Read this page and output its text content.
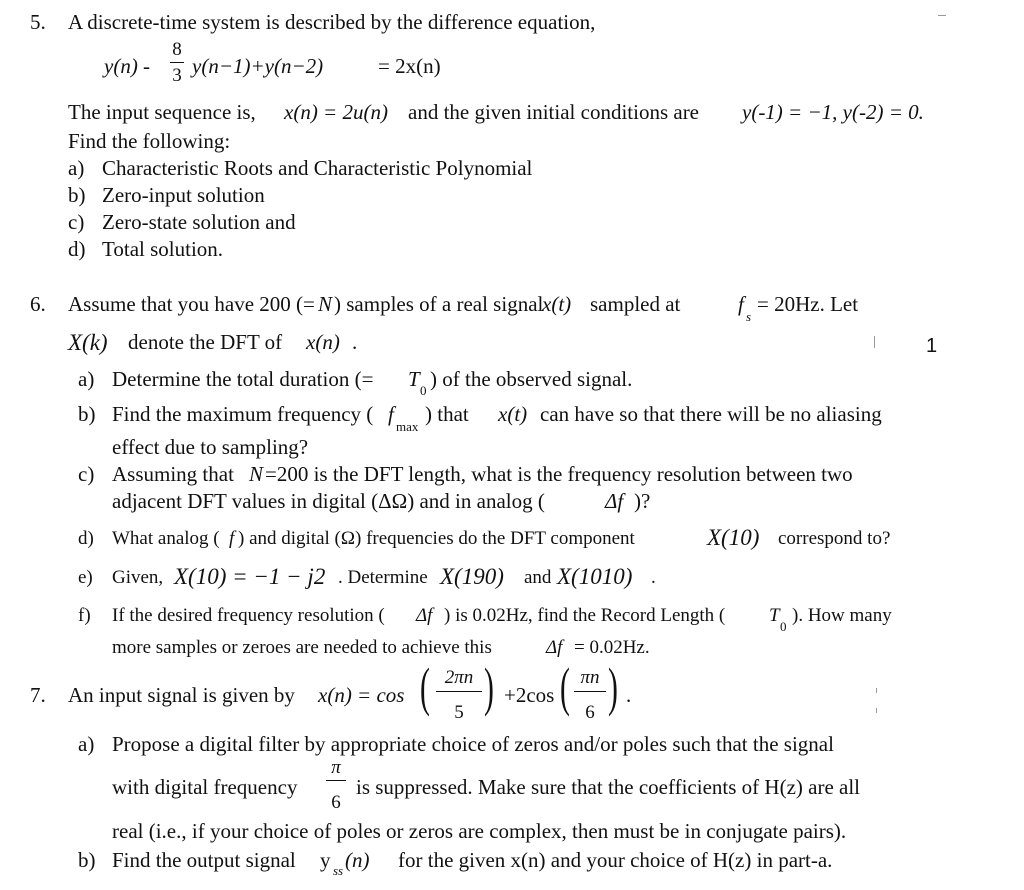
5. A discrete-time system is described by the difference equation,
y(n) -
8
3 y(n−1)+y(n−2)	= 2x(n)
The input sequence is, x(n) = 2u(n) and the given initial conditions are y(-1) = −1, y(-2) = 0.
Find the following:
a) Characteristic Roots and Characteristic Polynomial
b) Zero-input solution
c) Zero-state solution and
d) Total solution.
6. Assume that you have 200 (= N ) samples of a real signal
x(t) sampled at	f
s
= 20Hz. Let
X(k) denote the DFT of x(n) .	1
a) Determine the total duration (= T 0 ) of the observed signal.
b) Find the maximum frequency ( f
max
) that x(t) can have so that there will be no aliasing
effect due to sampling?
c) Assuming that N =200 is the DFT length, what is the frequency resolution between two
adjacent DFT values in digital (ΔΩ) and in analog (	Δf )?
d) What analog ( f ) and digital (Ω) frequencies do the DFT component	X(10) correspond to?
e) Given, X(10) = −1 − j2 . Determine X(190) and X(1010) .
f) If the desired frequency resolution ( Δf ) is 0.02Hz, find the Record Length ( T
0
). How many
more samples or zeroes are needed to achieve this	Δf = 0.02Hz.
7. An input signal is given by x(n) = cos ( 2πn
5 ) +2cos ( πn
6 ) .
a) Propose a digital filter by appropriate choice of zeros and/or poles such that the signal
with digital frequency
π
6
is suppressed. Make sure that the coefficients of H(z) are all
real (i.e., if your choice of poles or zeros are complex, then must be in conjugate pairs).
b) Find the output signal y ss (n) for the given x(n) and your choice of H(z) in part-a.
